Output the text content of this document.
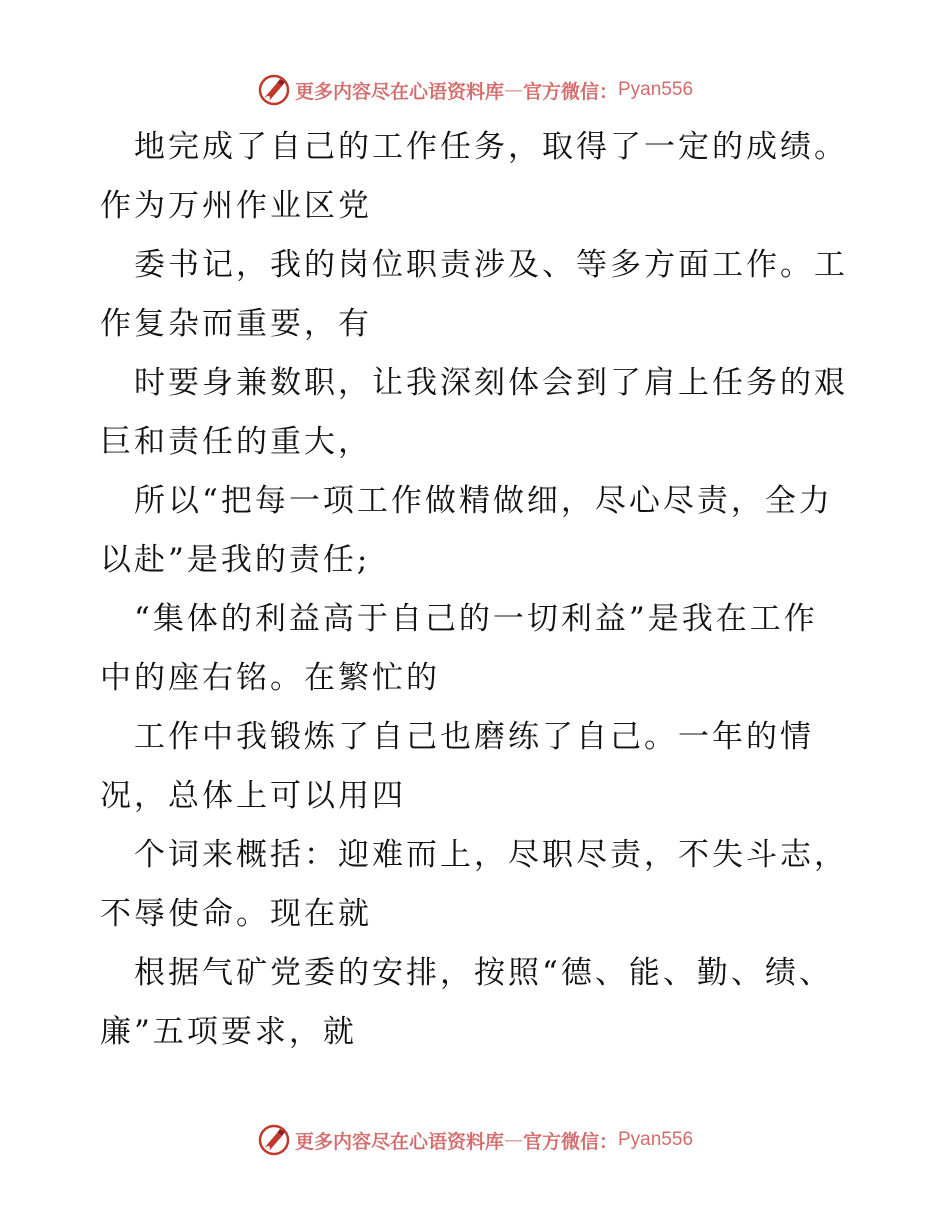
更多内容尽在心语资料库 — 官方微信： Pyan556
地完成了自己的工作任务，取得了一定的成绩。
作为万州作业区党
委书记，我的岗位职责涉及、等多方面工作。工
作复杂而重要，有
时要身兼数职，让我深刻体会到了肩上任务的艰
巨和责任的重大，
所以“把每一项工作做精做细，尽心尽责，全力
以赴”是我的责任;
“集体的利益高于自己的一切利益”是我在工作
中的座右铭。在繁忙的
工作中我锻炼了自己也磨练了自己。一年的情
况，总体上可以用四
个词来概括：迎难而上，尽职尽责，不失斗志，
不辱使命。现在就
根据气矿党委的安排，按照“德、能、勤、绩、
廉”五项要求，就
更多内容尽在心语资料库 — 官方微信： Pyan556
